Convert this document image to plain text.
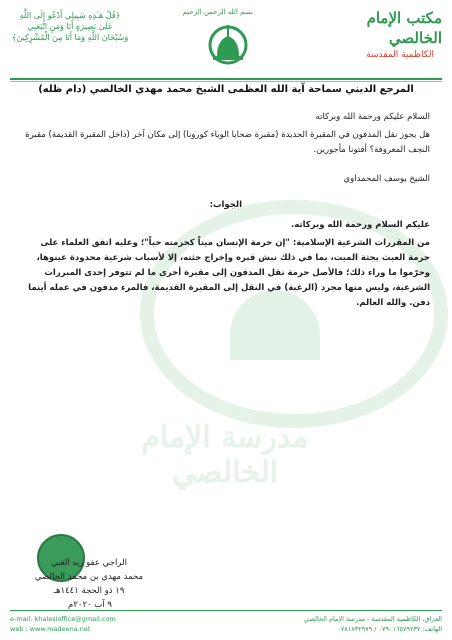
مدرسة الإمام الخالصي
﴿قُلْ هَـٰذِهِ سَبِيلِي أَدْعُو إِلَى اللَّهِ
عَلَىٰ بَصِيرَةٍ أَنَا وَمَنِ اتَّبَعَنِي
وَسُبْحَانَ اللَّهِ وَمَا أَنَا مِنَ الْمُشْرِكِينَ﴾
بسم الله الرحمن الرحيم	مكتب الإمام الخالصي
الكاظمية المقدسة
المرجع الديني سماحة آية الله العظمى الشيخ محمد مهدي الخالصي (دام ظله)
السلام عليكم ورحمة الله وبركاته
هل يجوز نقل المدفون في المقبرة الجديدة (مقبرة ضحايا الوباء كورونا) إلى مكان آخر (داخل المقبرة القديمة) مقبرة النجف المعروفة؟ أفتونا مأجورين.
الشيخ يوسف المحمداوي
الجواب:
عليكم السلام ورحمة الله وبركاته.
من المقررات الشرعية الإسلامية: "إن حرمة الإنسان ميتاً كحرمته حياً"؛ وعليه اتفق العلماء على حرمة العبث بجثة الميت، بما في ذلك نبش قبره وإخراج جثته، إلا لأسباب شرعية محدودة عينوها، وحرّموا ما وراء ذلك؛ فالأصل حرمة نقل المدفون إلى مقبرة أخرى ما لم تتوفر إحدى المبررات الشرعية، وليس منها مجرد (الرغبة) في النقل إلى المقبرة القديمة، فالمرء مدفون في عمله أينما دفن. والله العالم.
الراجي عفو ربه الغني
محمد مهدي بن محمد الخالصي
١٩ ذو الحجة ١٤٤١هـ
٩ آب ٢٠٢٠م
e-mail: khalesioffice@gmail.com
web : www.madeena.net
العراق، الكاظمية المقدسة - مدرسة الإمام الخالصي
الهاتف: ٠٧٩٠١٦٥٧٩٢٣٧ / ٠٧٨١٨٣٢٩٧٩
